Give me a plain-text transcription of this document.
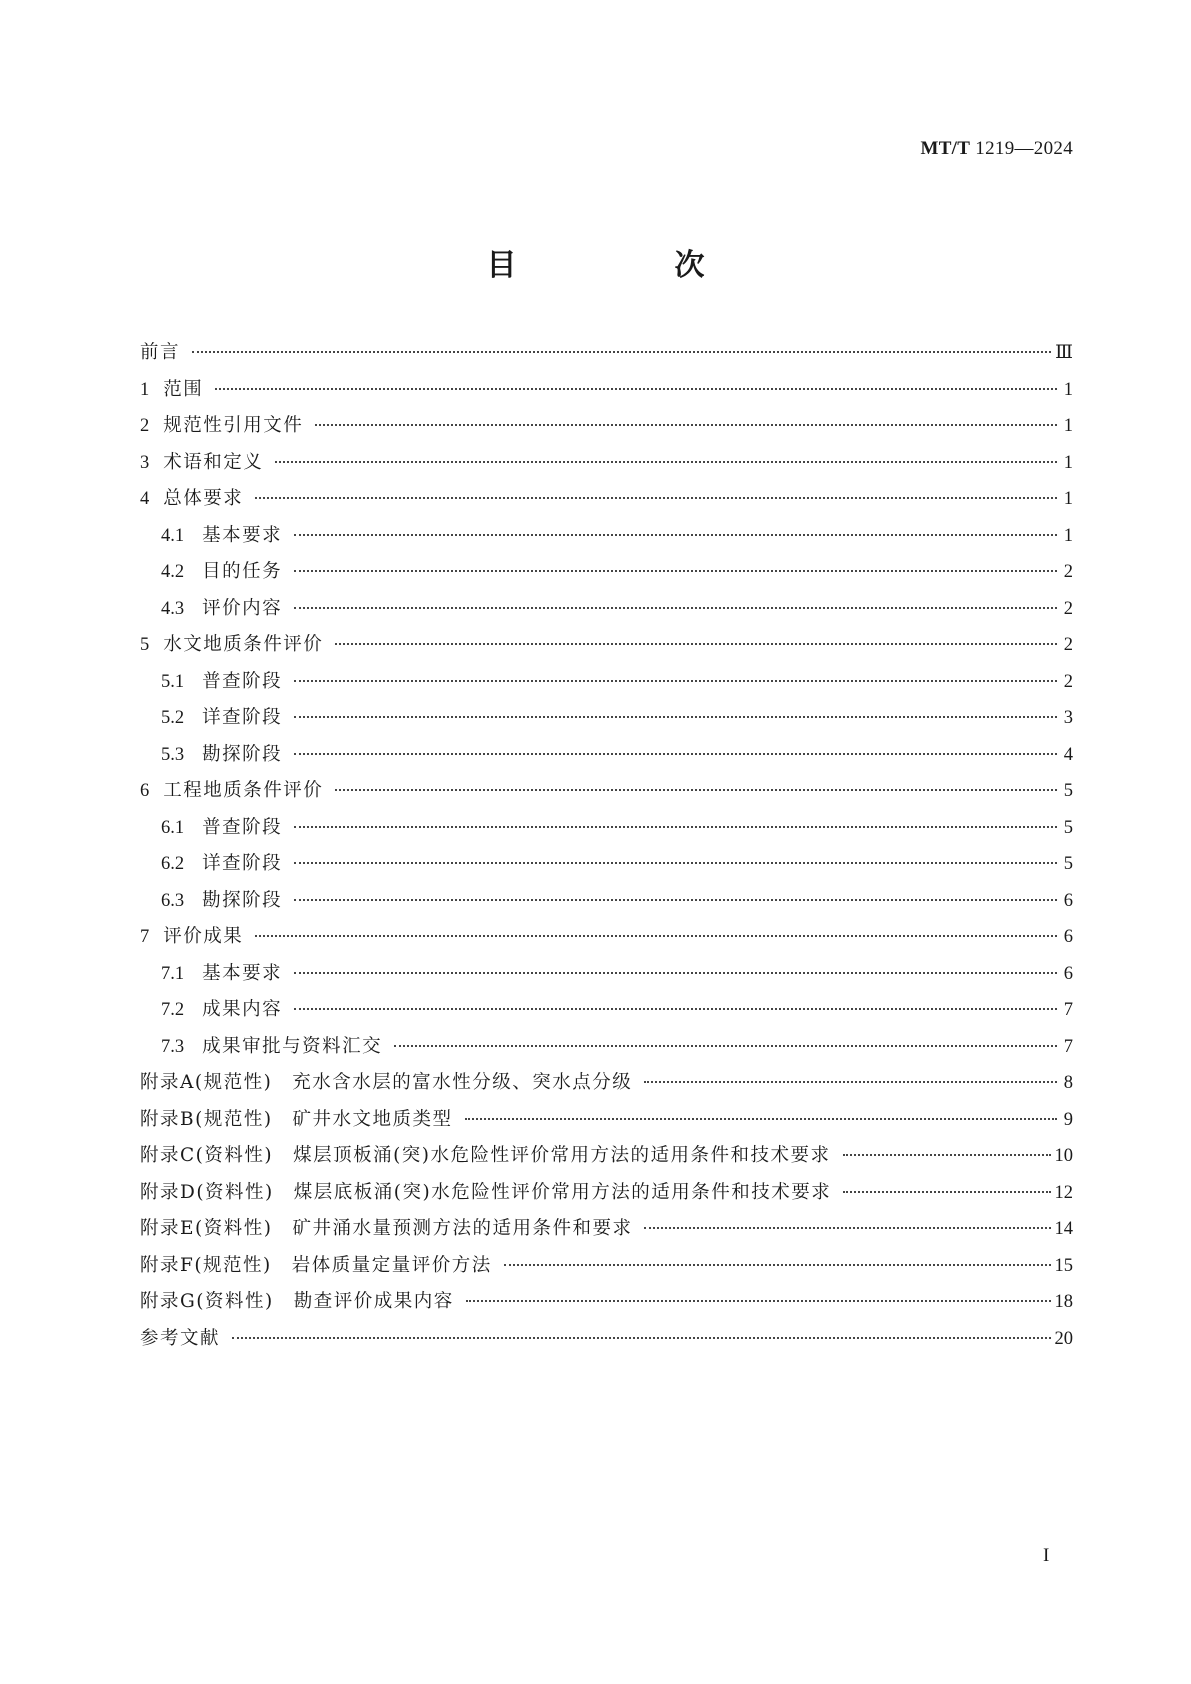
MT/T 1219—2024
目　次
前言	Ⅲ
1 范围	1
2 规范性引用文件	1
3 术语和定义	1
4 总体要求	1
4.1 基本要求	1
4.2 目的任务	2
4.3 评价内容	2
5 水文地质条件评价	2
5.1 普查阶段	2
5.2 详查阶段	3
5.3 勘探阶段	4
6 工程地质条件评价	5
6.1 普查阶段	5
6.2 详查阶段	5
6.3 勘探阶段	6
7 评价成果	6
7.1 基本要求	6
7.2 成果内容	7
7.3 成果审批与资料汇交	7
附录A(规范性)　充水含水层的富水性分级、突水点分级	8
附录B(规范性)　矿井水文地质类型	9
附录C(资料性)　煤层顶板涌(突)水危险性评价常用方法的适用条件和技术要求	10
附录D(资料性)　煤层底板涌(突)水危险性评价常用方法的适用条件和技术要求	12
附录E(资料性)　矿井涌水量预测方法的适用条件和要求	14
附录F(规范性)　岩体质量定量评价方法	15
附录G(资料性)　勘查评价成果内容	18
参考文献	20
I
